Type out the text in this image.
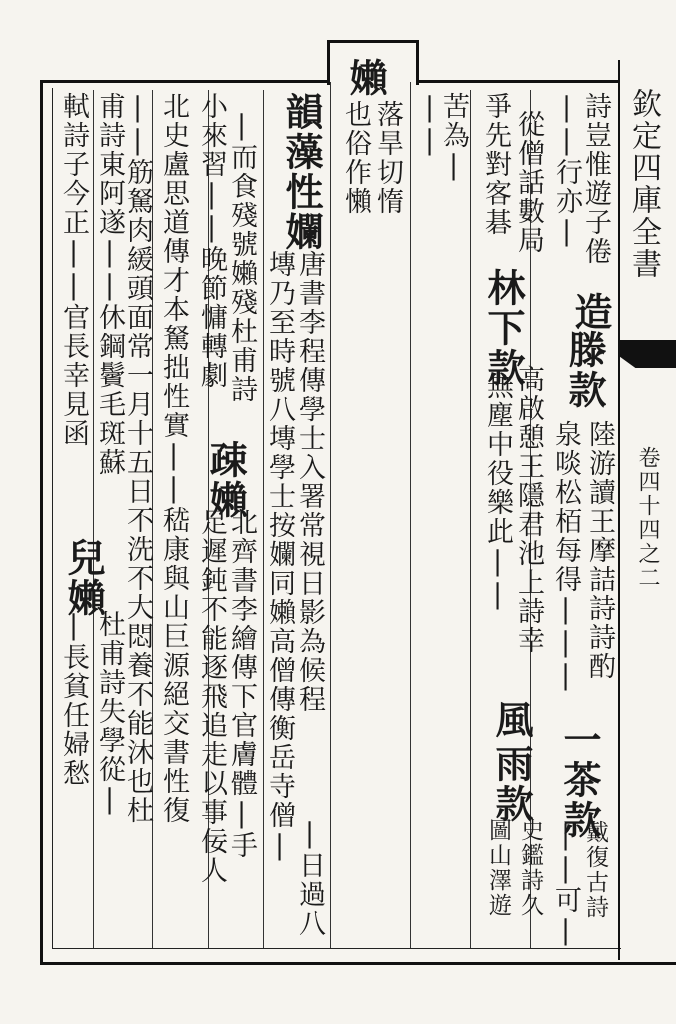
欽定四庫全書
卷四十四之二
詩豈惟遊子倦
造
戴復古詩
||行亦|
滕款
陸游讀王摩詰詩詩酌
泉啖松栢每得|||
一茶款
||可|
從僧話數局
林
高啟憩王隱君池上詩幸
風
史鑑詩久
爭先對客碁
下款
無塵中役樂此||
雨款
圖山澤遊
苦為|
||
嬾
落旱切惰
也俗作懶
韻藻
性
孄
唐書李程傳學士入署常視日影為候程
|日過八
塼乃至時號八塼學士按孄同嬾高僧傳衡岳寺僧|
|而食殘號嬾殘杜甫詩
疎
嬾
北齊書李繪傳下官膚體|手
小來習||晚節慵轉劇
足遲鈍不能逐飛追走以事佞人
北史盧思道傳才本駑拙性實||嵇康與山巨源絕交書性復
||筋駑肉緩頭面常一月十五日不洗不大悶養不能沐也杜
甫詩東阿遂||休鋼鬢毛斑蘇
兒
嬾
杜甫詩失學從|
軾詩子今正||官長幸見函
|長貧任婦愁
